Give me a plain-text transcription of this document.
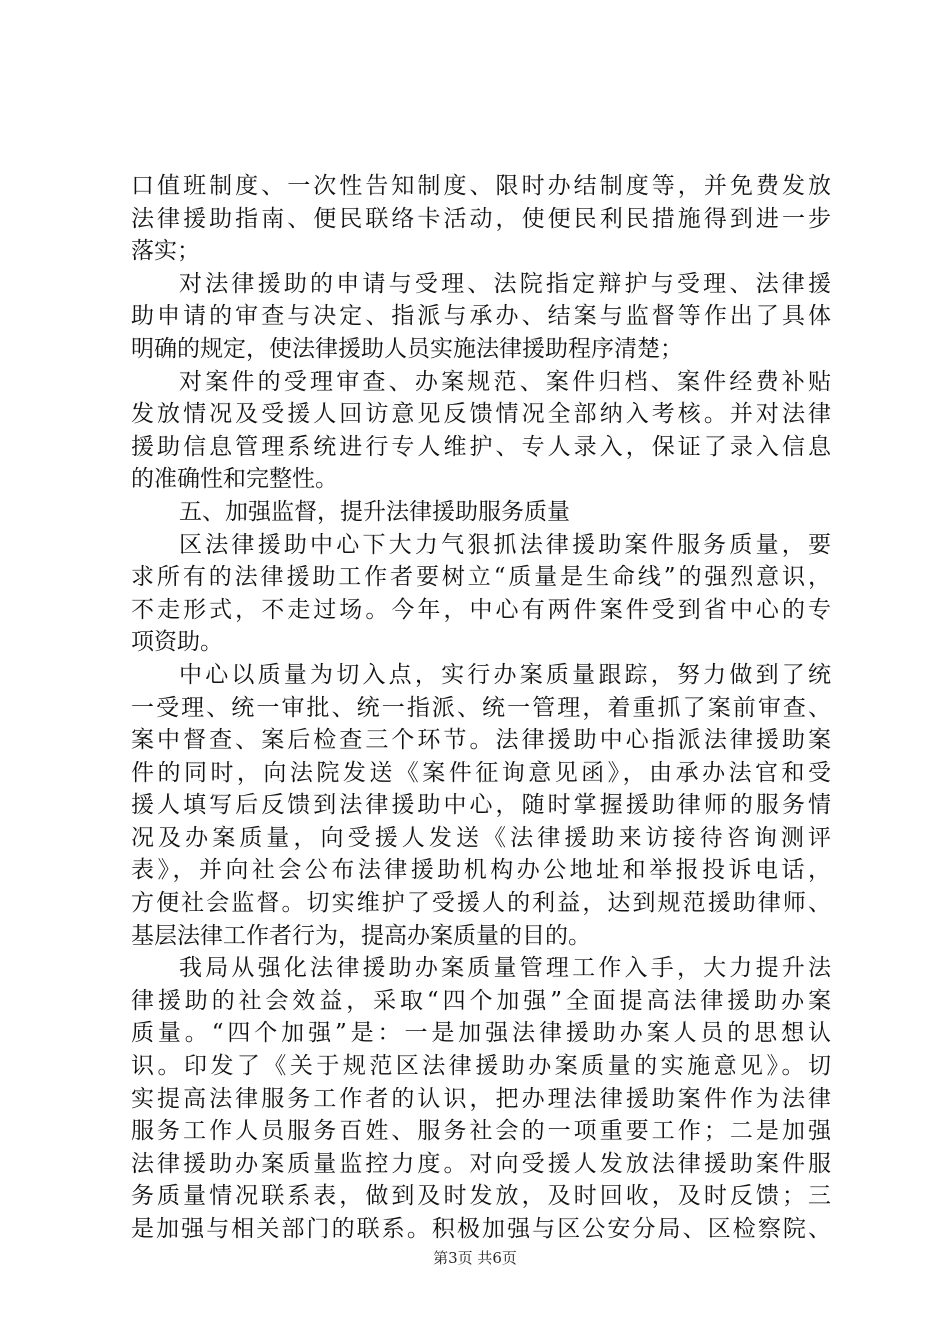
口值班制度、一次性告知制度、限时办结制度等，并免费发放
法律援助指南、便民联络卡活动，使便民利民措施得到进一步
落实；
对法律援助的申请与受理、法院指定辩护与受理、法律援
助申请的审查与决定、指派与承办、结案与监督等作出了具体
明确的规定，使法律援助人员实施法律援助程序清楚；
对案件的受理审查、办案规范、案件归档、案件经费补贴
发放情况及受援人回访意见反馈情况全部纳入考核。并对法律
援助信息管理系统进行专人维护、专人录入，保证了录入信息
的准确性和完整性。
五、加强监督，提升法律援助服务质量
区法律援助中心下大力气狠抓法律援助案件服务质量，要
求所有的法律援助工作者要树立“质量是生命线”的强烈意识，
不走形式，不走过场。今年，中心有两件案件受到省中心的专
项资助。
中心以质量为切入点，实行办案质量跟踪，努力做到了统
一受理、统一审批、统一指派、统一管理，着重抓了案前审查、
案中督查、案后检查三个环节。法律援助中心指派法律援助案
件的同时，向法院发送《案件征询意见函》，由承办法官和受
援人填写后反馈到法律援助中心，随时掌握援助律师的服务情
况及办案质量，向受援人发送《法律援助来访接待咨询测评
表》，并向社会公布法律援助机构办公地址和举报投诉电话，
方便社会监督。切实维护了受援人的利益，达到规范援助律师、
基层法律工作者行为，提高办案质量的目的。
我局从强化法律援助办案质量管理工作入手，大力提升法
律援助的社会效益，采取“四个加强”全面提高法律援助办案
质量。“四个加强”是：一是加强法律援助办案人员的思想认
识。印发了《关于规范区法律援助办案质量的实施意见》。切
实提高法律服务工作者的认识，把办理法律援助案件作为法律
服务工作人员服务百姓、服务社会的一项重要工作；二是加强
法律援助办案质量监控力度。对向受援人发放法律援助案件服
务质量情况联系表，做到及时发放，及时回收，及时反馈；三
是加强与相关部门的联系。积极加强与区公安分局、区检察院、
第3页 共6页
